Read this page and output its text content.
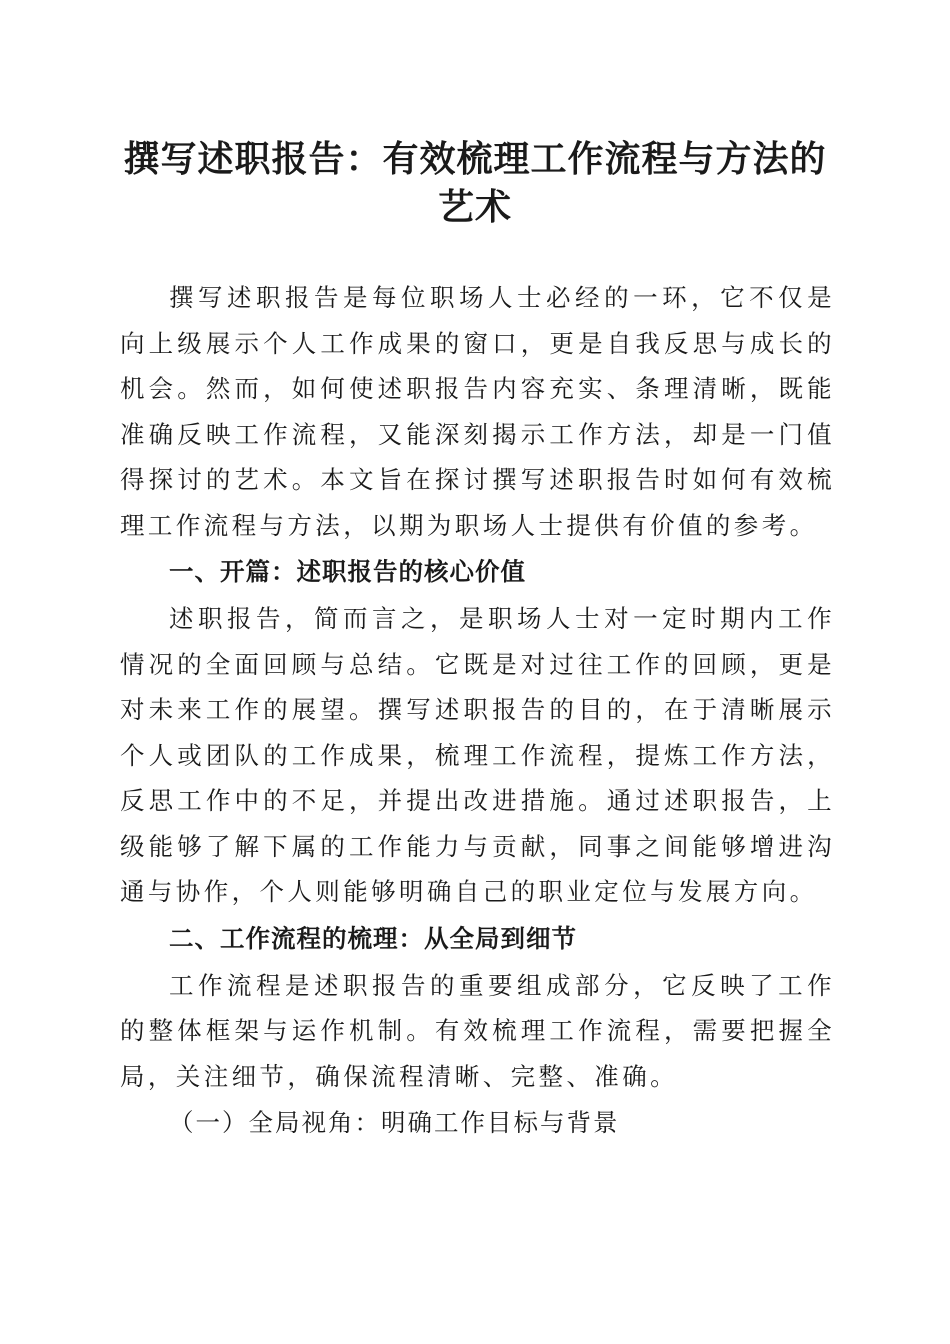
撰写述职报告：有效梳理工作流程与方法的艺术

撰写述职报告是每位职场人士必经的一环，它不仅是向上级展示个人工作成果的窗口，更是自我反思与成长的机会。然而，如何使述职报告内容充实、条理清晰，既能准确反映工作流程，又能深刻揭示工作方法，却是一门值得探讨的艺术。本文旨在探讨撰写述职报告时如何有效梳理工作流程与方法，以期为职场人士提供有价值的参考。

一、开篇：述职报告的核心价值

述职报告，简而言之，是职场人士对一定时期内工作情况的全面回顾与总结。它既是对过往工作的回顾，更是对未来工作的展望。撰写述职报告的目的，在于清晰展示个人或团队的工作成果，梳理工作流程，提炼工作方法，反思工作中的不足，并提出改进措施。通过述职报告，上级能够了解下属的工作能力与贡献，同事之间能够增进沟通与协作，个人则能够明确自己的职业定位与发展方向。

二、工作流程的梳理：从全局到细节

工作流程是述职报告的重要组成部分，它反映了工作的整体框架与运作机制。有效梳理工作流程，需要把握全局，关注细节，确保流程清晰、完整、准确。

（一）全局视角：明确工作目标与背景
